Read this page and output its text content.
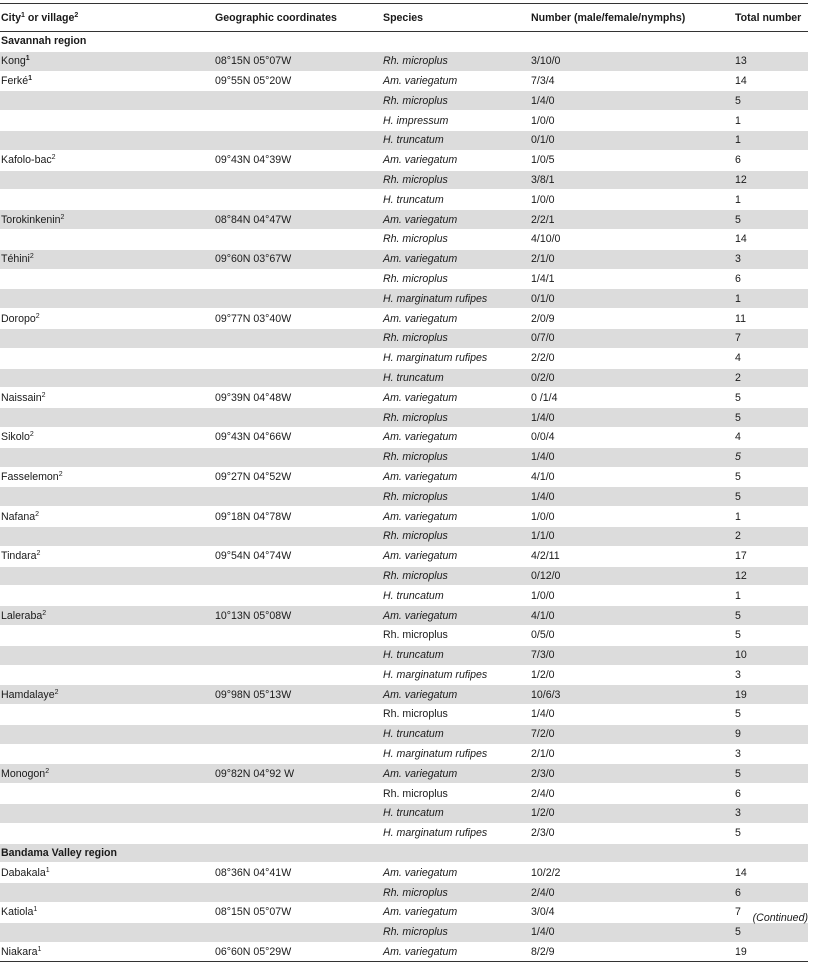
City$^1$ or village$^2$	Geographic coordinates	Species	Number (male/female/nymphs)	Total number
Savannah region				
Kong$^1$	08°15N 05°07W	Rh. microplus	3/10/0	13
Ferké$^1$	09°55N 05°20W	Am. variegatum	7/3/4	14
		Rh. microplus	1/4/0	5
		H. impressum	1/0/0	1
		H. truncatum	0/1/0	1
Kafolo-bac$^2$	09°43N 04°39W	Am. variegatum	1/0/5	6
		Rh. microplus	3/8/1	12
		H. truncatum	1/0/0	1
Torokinkenin$^2$	08°84N 04°47W	Am. variegatum	2/2/1	5
		Rh. microplus	4/10/0	14
Téhini$^2$	09°60N 03°67W	Am. variegatum	2/1/0	3
		Rh. microplus	1/4/1	6
		H. marginatum rufipes	0/1/0	1
Doropo$^2$	09°77N 03°40W	Am. variegatum	2/0/9	11
		Rh. microplus	0/7/0	7
		H. marginatum rufipes	2/2/0	4
		H. truncatum	0/2/0	2
Naissain$^2$	09°39N 04°48W	Am. variegatum	0 /1/4	5
		Rh. microplus	1/4/0	5
Sikolo$^2$	09°43N 04°66W	Am. variegatum	0/0/4	4
		Rh. microplus	1/4/0	5
Fasselemon$^2$	09°27N 04°52W	Am. variegatum	4/1/0	5
		Rh. microplus	1/4/0	5
Nafana$^2$	09°18N 04°78W	Am. variegatum	1/0/0	1
		Rh. microplus	1/1/0	2
Tindara$^2$	09°54N 04°74W	Am. variegatum	4/2/11	17
		Rh. microplus	0/12/0	12
		H. truncatum	1/0/0	1
Laleraba$^2$	10°13N 05°08W	Am. variegatum	4/1/0	5
		Rh. microplus	0/5/0	5
		H. truncatum	7/3/0	10
		H. marginatum rufipes	1/2/0	3
Hamdalaye$^2$	09°98N 05°13W	Am. variegatum	10/6/3	19
		Rh. microplus	1/4/0	5
		H. truncatum	7/2/0	9
		H. marginatum rufipes	2/1/0	3
Monogon$^2$	09°82N 04°92 W	Am. variegatum	2/3/0	5
		Rh. microplus	2/4/0	6
		H. truncatum	1/2/0	3
		H. marginatum rufipes	2/3/0	5
Bandama Valley region				
Dabakala$^1$	08°36N 04°41W	Am. variegatum	10/2/2	14
		Rh. microplus	2/4/0	6
Katiola$^1$	08°15N 05°07W	Am. variegatum	3/0/4	7
		Rh. microplus	1/4/0	5
Niakara$^1$	06°60N 05°29W	Am. variegatum	8/2/9	19
(Continued)
